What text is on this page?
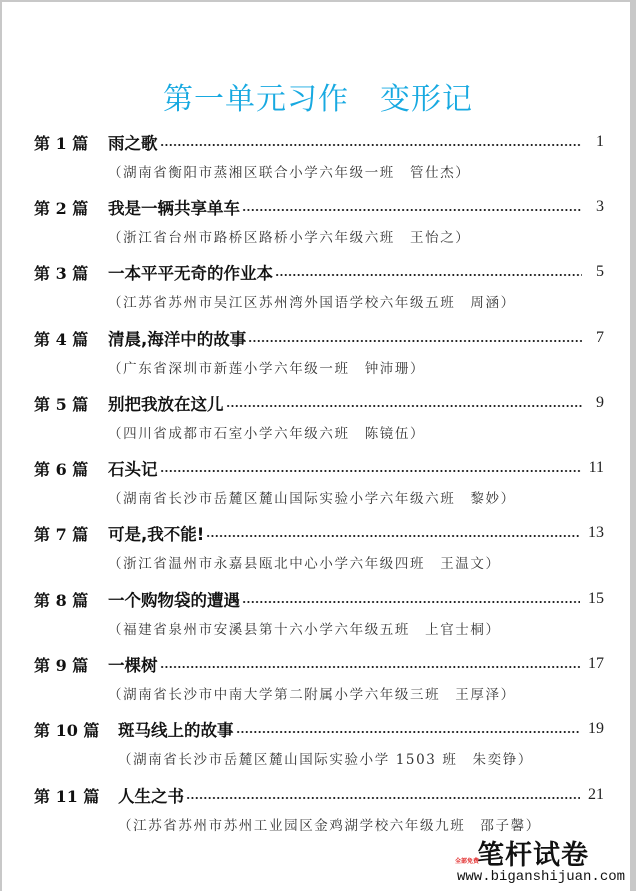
第一单元习作　变形记
第 1 篇	雨之歌	1
（湖南省衡阳市蒸湘区联合小学六年级一班　管仕杰）
第 2 篇	我是一辆共享单车	3
（浙江省台州市路桥区路桥小学六年级六班　王怡之）
第 3 篇	一本平平无奇的作业本	5
（江苏省苏州市吴江区苏州湾外国语学校六年级五班　周涵）
第 4 篇	清晨,海洋中的故事	7
（广东省深圳市新莲小学六年级一班　钟沛珊）
第 5 篇	别把我放在这儿	9
（四川省成都市石室小学六年级六班　陈镜伍）
第 6 篇	石头记	11
（湖南省长沙市岳麓区麓山国际实验小学六年级六班　黎妙）
第 7 篇	可是,我不能!	13
（浙江省温州市永嘉县瓯北中心小学六年级四班　王温文）
第 8 篇	一个购物袋的遭遇	15
（福建省泉州市安溪县第十六小学六年级五班　上官士桐）
第 9 篇	一棵树	17
（湖南省长沙市中南大学第二附属小学六年级三班　王厚泽）
第 10 篇	斑马线上的故事	19
（湖南省长沙市岳麓区麓山国际实验小学 1503 班　朱奕铮）
第 11 篇	人生之书	21
（江苏省苏州市苏州工业园区金鸡湖学校六年级九班　邵子馨）
笔杆试卷
全部免费
www.biganshijuan.com
